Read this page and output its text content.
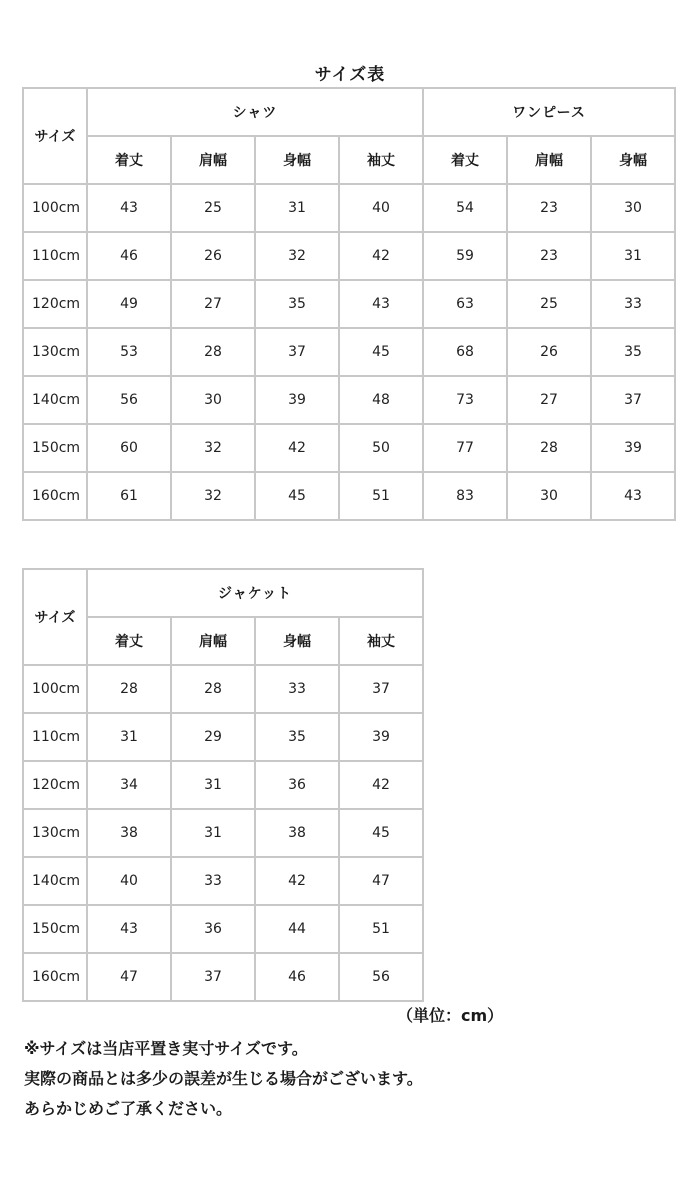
サイズ表
サイズ	シャツ				ワンピース		
	着丈	肩幅	身幅	袖丈	着丈	肩幅	身幅
100cm	43	25	31	40	54	23	30
110cm	46	26	32	42	59	23	31
120cm	49	27	35	43	63	25	33
130cm	53	28	37	45	68	26	35
140cm	56	30	39	48	73	27	37
150cm	60	32	42	50	77	28	39
160cm	61	32	45	51	83	30	43
サイズ	ジャケット			
	着丈	肩幅	身幅	袖丈
100cm	28	28	33	37
110cm	31	29	35	39
120cm	34	31	36	42
130cm	38	31	38	45
140cm	40	33	42	47
150cm	43	36	44	51
160cm	47	37	46	56
（単位：cm）
※サイズは当店平置き実寸サイズです。
実際の商品とは多少の誤差が生じる場合がございます。
あらかじめご了承ください。
